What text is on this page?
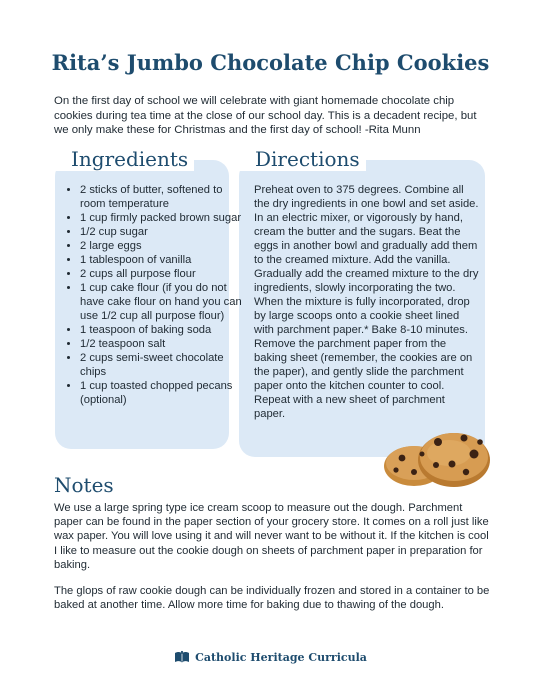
Rita’s Jumbo Chocolate Chip Cookies
On the first day of school we will celebrate with giant homemade chocolate chip cookies during tea time at the close of our school day. This is a decadent recipe, but we only make these for Christmas and the first day of school! -Rita Munn
Ingredients	Directions
• 2 sticks of butter, softened to room temperature
• 1 cup firmly packed brown sugar
• 1/2 cup sugar
• 2 large eggs
• 1 tablespoon of vanilla
• 2 cups all purpose flour
• 1 cup cake flour (if you do not have cake flour on hand you can use 1/2 cup all purpose flour)
• 1 teaspoon of baking soda
• 1/2 teaspoon salt
• 2 cups semi-sweet chocolate chips
• 1 cup toasted chopped pecans (optional)
Preheat oven to 375 degrees. Combine all the dry ingredients in one bowl and set aside. In an electric mixer, or vigorously by hand, cream the butter and the sugars. Beat the eggs in another bowl and gradually add them to the creamed mixture. Add the vanilla. Gradually add the creamed mixture to the dry ingredients, slowly incorporating the two. When the mixture is fully incorporated, drop by large scoops onto a cookie sheet lined with parchment paper.* Bake 8-10 minutes. Remove the parchment paper from the baking sheet (remember, the cookies are on the paper), and gently slide the parchment paper onto the kitchen counter to cool. Repeat with a new sheet of parchment paper.
Notes

We use a large spring type ice cream scoop to measure out the dough. Parchment paper can be found in the paper section of your grocery store. It comes on a roll just like wax paper. You will love using it and will never want to be without it. If the kitchen is cool I like to measure out the cookie dough on sheets of parchment paper in preparation for baking.

The glops of raw cookie dough can be individually frozen and stored in a container to be baked at another time. Allow more time for baking due to thawing of the dough.

Catholic Heritage Curricula
